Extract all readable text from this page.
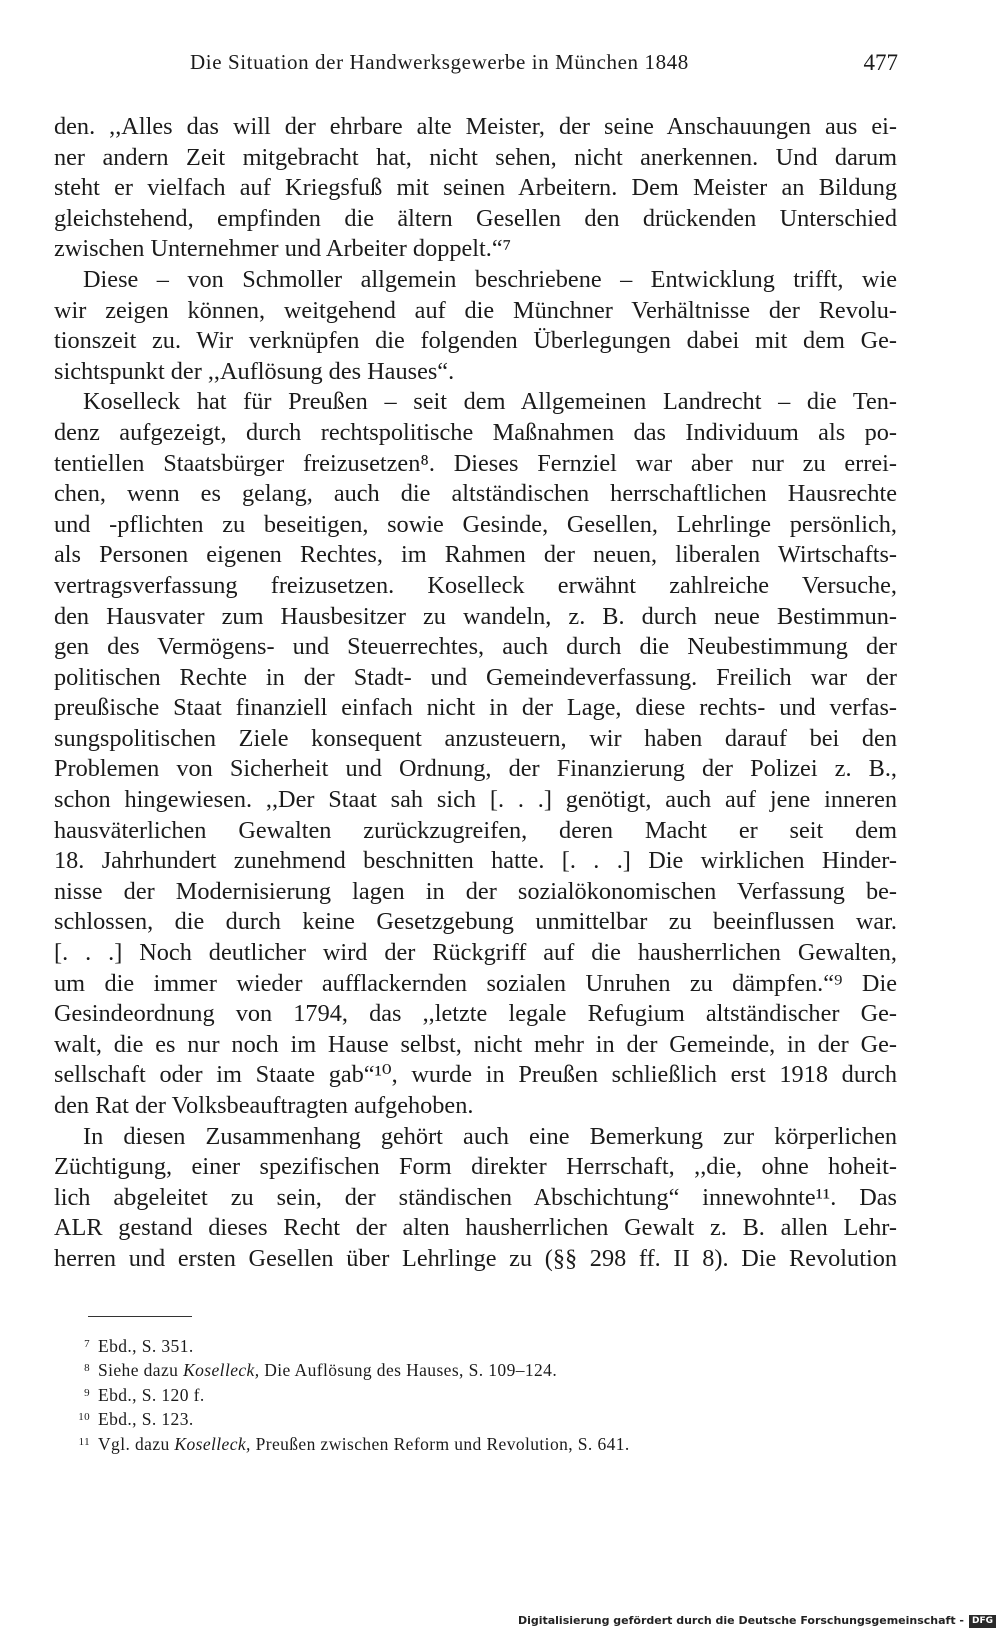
Die Situation der Handwerksgewerbe in München 1848	477
den. ,,Alles das will der ehrbare alte Meister, der seine Anschauungen aus ei-
ner andern Zeit mitgebracht hat, nicht sehen, nicht anerkennen. Und darum
steht er vielfach auf Kriegsfuß mit seinen Arbeitern. Dem Meister an Bildung
gleichstehend, empfinden die ältern Gesellen den drückenden Unterschied
zwischen Unternehmer und Arbeiter doppelt.“⁷
Diese – von Schmoller allgemein beschriebene – Entwicklung trifft, wie
wir zeigen können, weitgehend auf die Münchner Verhältnisse der Revolu-
tionszeit zu. Wir verknüpfen die folgenden Überlegungen dabei mit dem Ge-
sichtspunkt der ,,Auflösung des Hauses“.
Koselleck hat für Preußen – seit dem Allgemeinen Landrecht – die Ten-
denz aufgezeigt, durch rechtspolitische Maßnahmen das Individuum als po-
tentiellen Staatsbürger freizusetzen⁸. Dieses Fernziel war aber nur zu errei-
chen, wenn es gelang, auch die altständischen herrschaftlichen Hausrechte
und -pflichten zu beseitigen, sowie Gesinde, Gesellen, Lehrlinge persönlich,
als Personen eigenen Rechtes, im Rahmen der neuen, liberalen Wirtschafts-
vertragsverfassung freizusetzen. Koselleck erwähnt zahlreiche Versuche,
den Hausvater zum Hausbesitzer zu wandeln, z. B. durch neue Bestimmun-
gen des Vermögens- und Steuerrechtes, auch durch die Neubestimmung der
politischen Rechte in der Stadt- und Gemeindeverfassung. Freilich war der
preußische Staat finanziell einfach nicht in der Lage, diese rechts- und verfas-
sungspolitischen Ziele konsequent anzusteuern, wir haben darauf bei den
Problemen von Sicherheit und Ordnung, der Finanzierung der Polizei z. B.,
schon hingewiesen. ,,Der Staat sah sich [. . .] genötigt, auch auf jene inneren
hausväterlichen Gewalten zurückzugreifen, deren Macht er seit dem
18. Jahrhundert zunehmend beschnitten hatte. [. . .] Die wirklichen Hinder-
nisse der Modernisierung lagen in der sozialökonomischen Verfassung be-
schlossen, die durch keine Gesetzgebung unmittelbar zu beeinflussen war.
[. . .] Noch deutlicher wird der Rückgriff auf die hausherrlichen Gewalten,
um die immer wieder aufflackernden sozialen Unruhen zu dämpfen.“⁹ Die
Gesindeordnung von 1794, das ,,letzte legale Refugium altständischer Ge-
walt, die es nur noch im Hause selbst, nicht mehr in der Gemeinde, in der Ge-
sellschaft oder im Staate gab“¹⁰, wurde in Preußen schließlich erst 1918 durch
den Rat der Volksbeauftragten aufgehoben.
In diesen Zusammenhang gehört auch eine Bemerkung zur körperlichen
Züchtigung, einer spezifischen Form direkter Herrschaft, ,,die, ohne hoheit-
lich abgeleitet zu sein, der ständischen Abschichtung“ innewohnte¹¹. Das
ALR gestand dieses Recht der alten hausherrlichen Gewalt z. B. allen Lehr-
herren und ersten Gesellen über Lehrlinge zu (§§ 298 ff. II 8). Die Revolution
7 Ebd., S. 351.
8 Siehe dazu Koselleck, Die Auflösung des Hauses, S. 109–124.
9 Ebd., S. 120 f.
10 Ebd., S. 123.
11 Vgl. dazu Koselleck, Preußen zwischen Reform und Revolution, S. 641.
Digitalisierung gefördert durch die Deutsche Forschungsgemeinschaft - DFG
